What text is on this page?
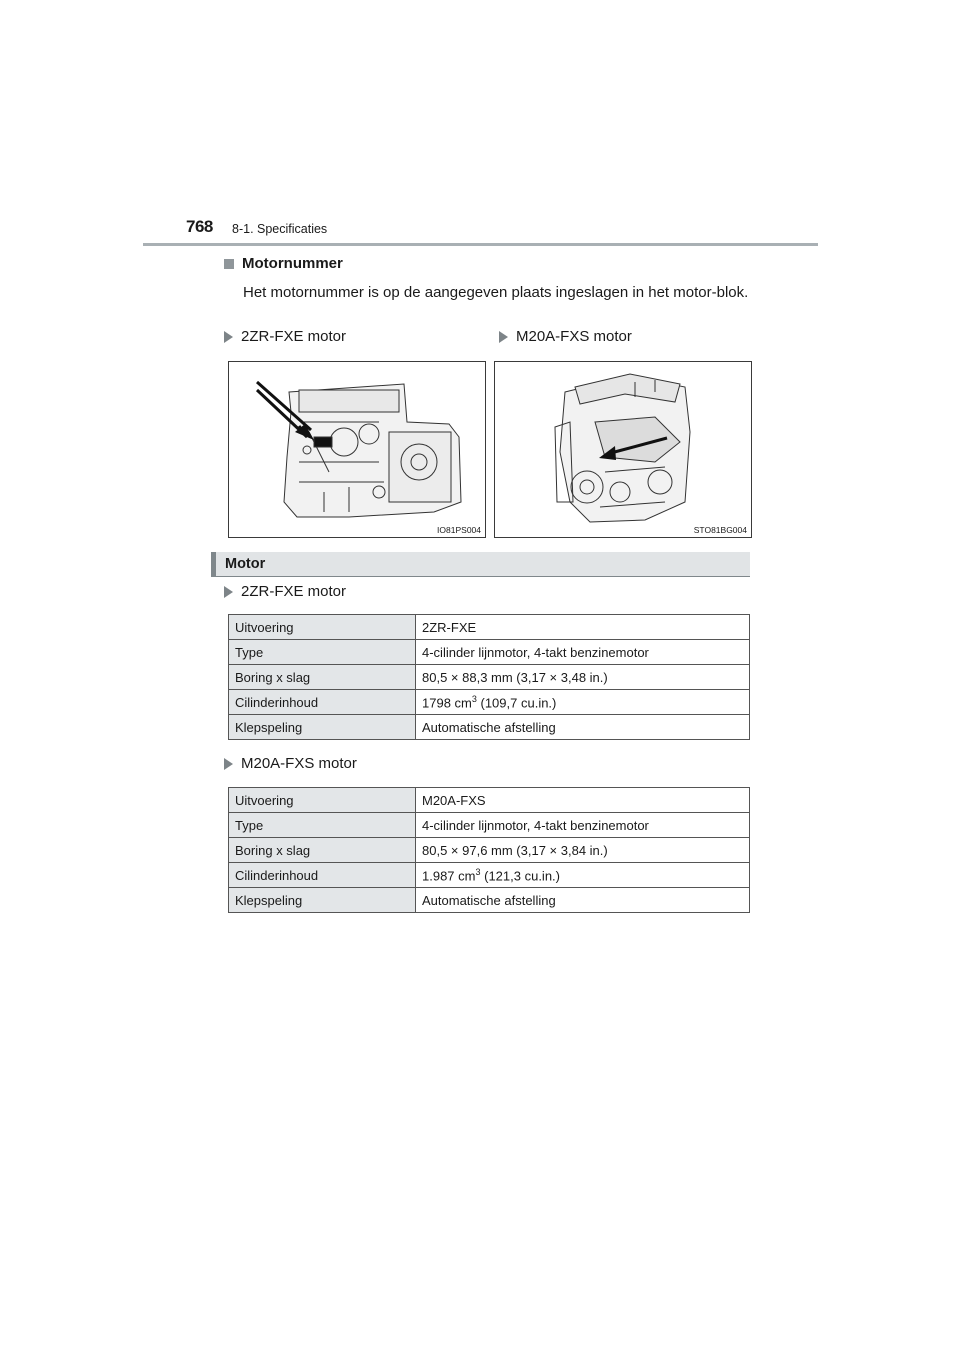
768 8-1. Specificaties
Motornummer
Het motornummer is op de aangegeven plaats ingeslagen in het motor-blok.
2ZR-FXE motor	M20A-FXS motor
IO81PS004	STO81BG004
Motor
2ZR-FXE motor
Uitvoering	2ZR-FXE
Type	4-cilinder lijnmotor, 4-takt benzinemotor
Boring x slag	80,5 × 88,3 mm (3,17 × 3,48 in.)
Cilinderinhoud	1798 $cm^3$ (109,7 cu.in.)
Klepspeling	Automatische afstelling
M20A-FXS motor
Uitvoering	M20A-FXS
Type	4-cilinder lijnmotor, 4-takt benzinemotor
Boring x slag	80,5 × 97,6 mm (3,17 × 3,84 in.)
Cilinderinhoud	1.987 $cm^3$ (121,3 cu.in.)
Klepspeling	Automatische afstelling
